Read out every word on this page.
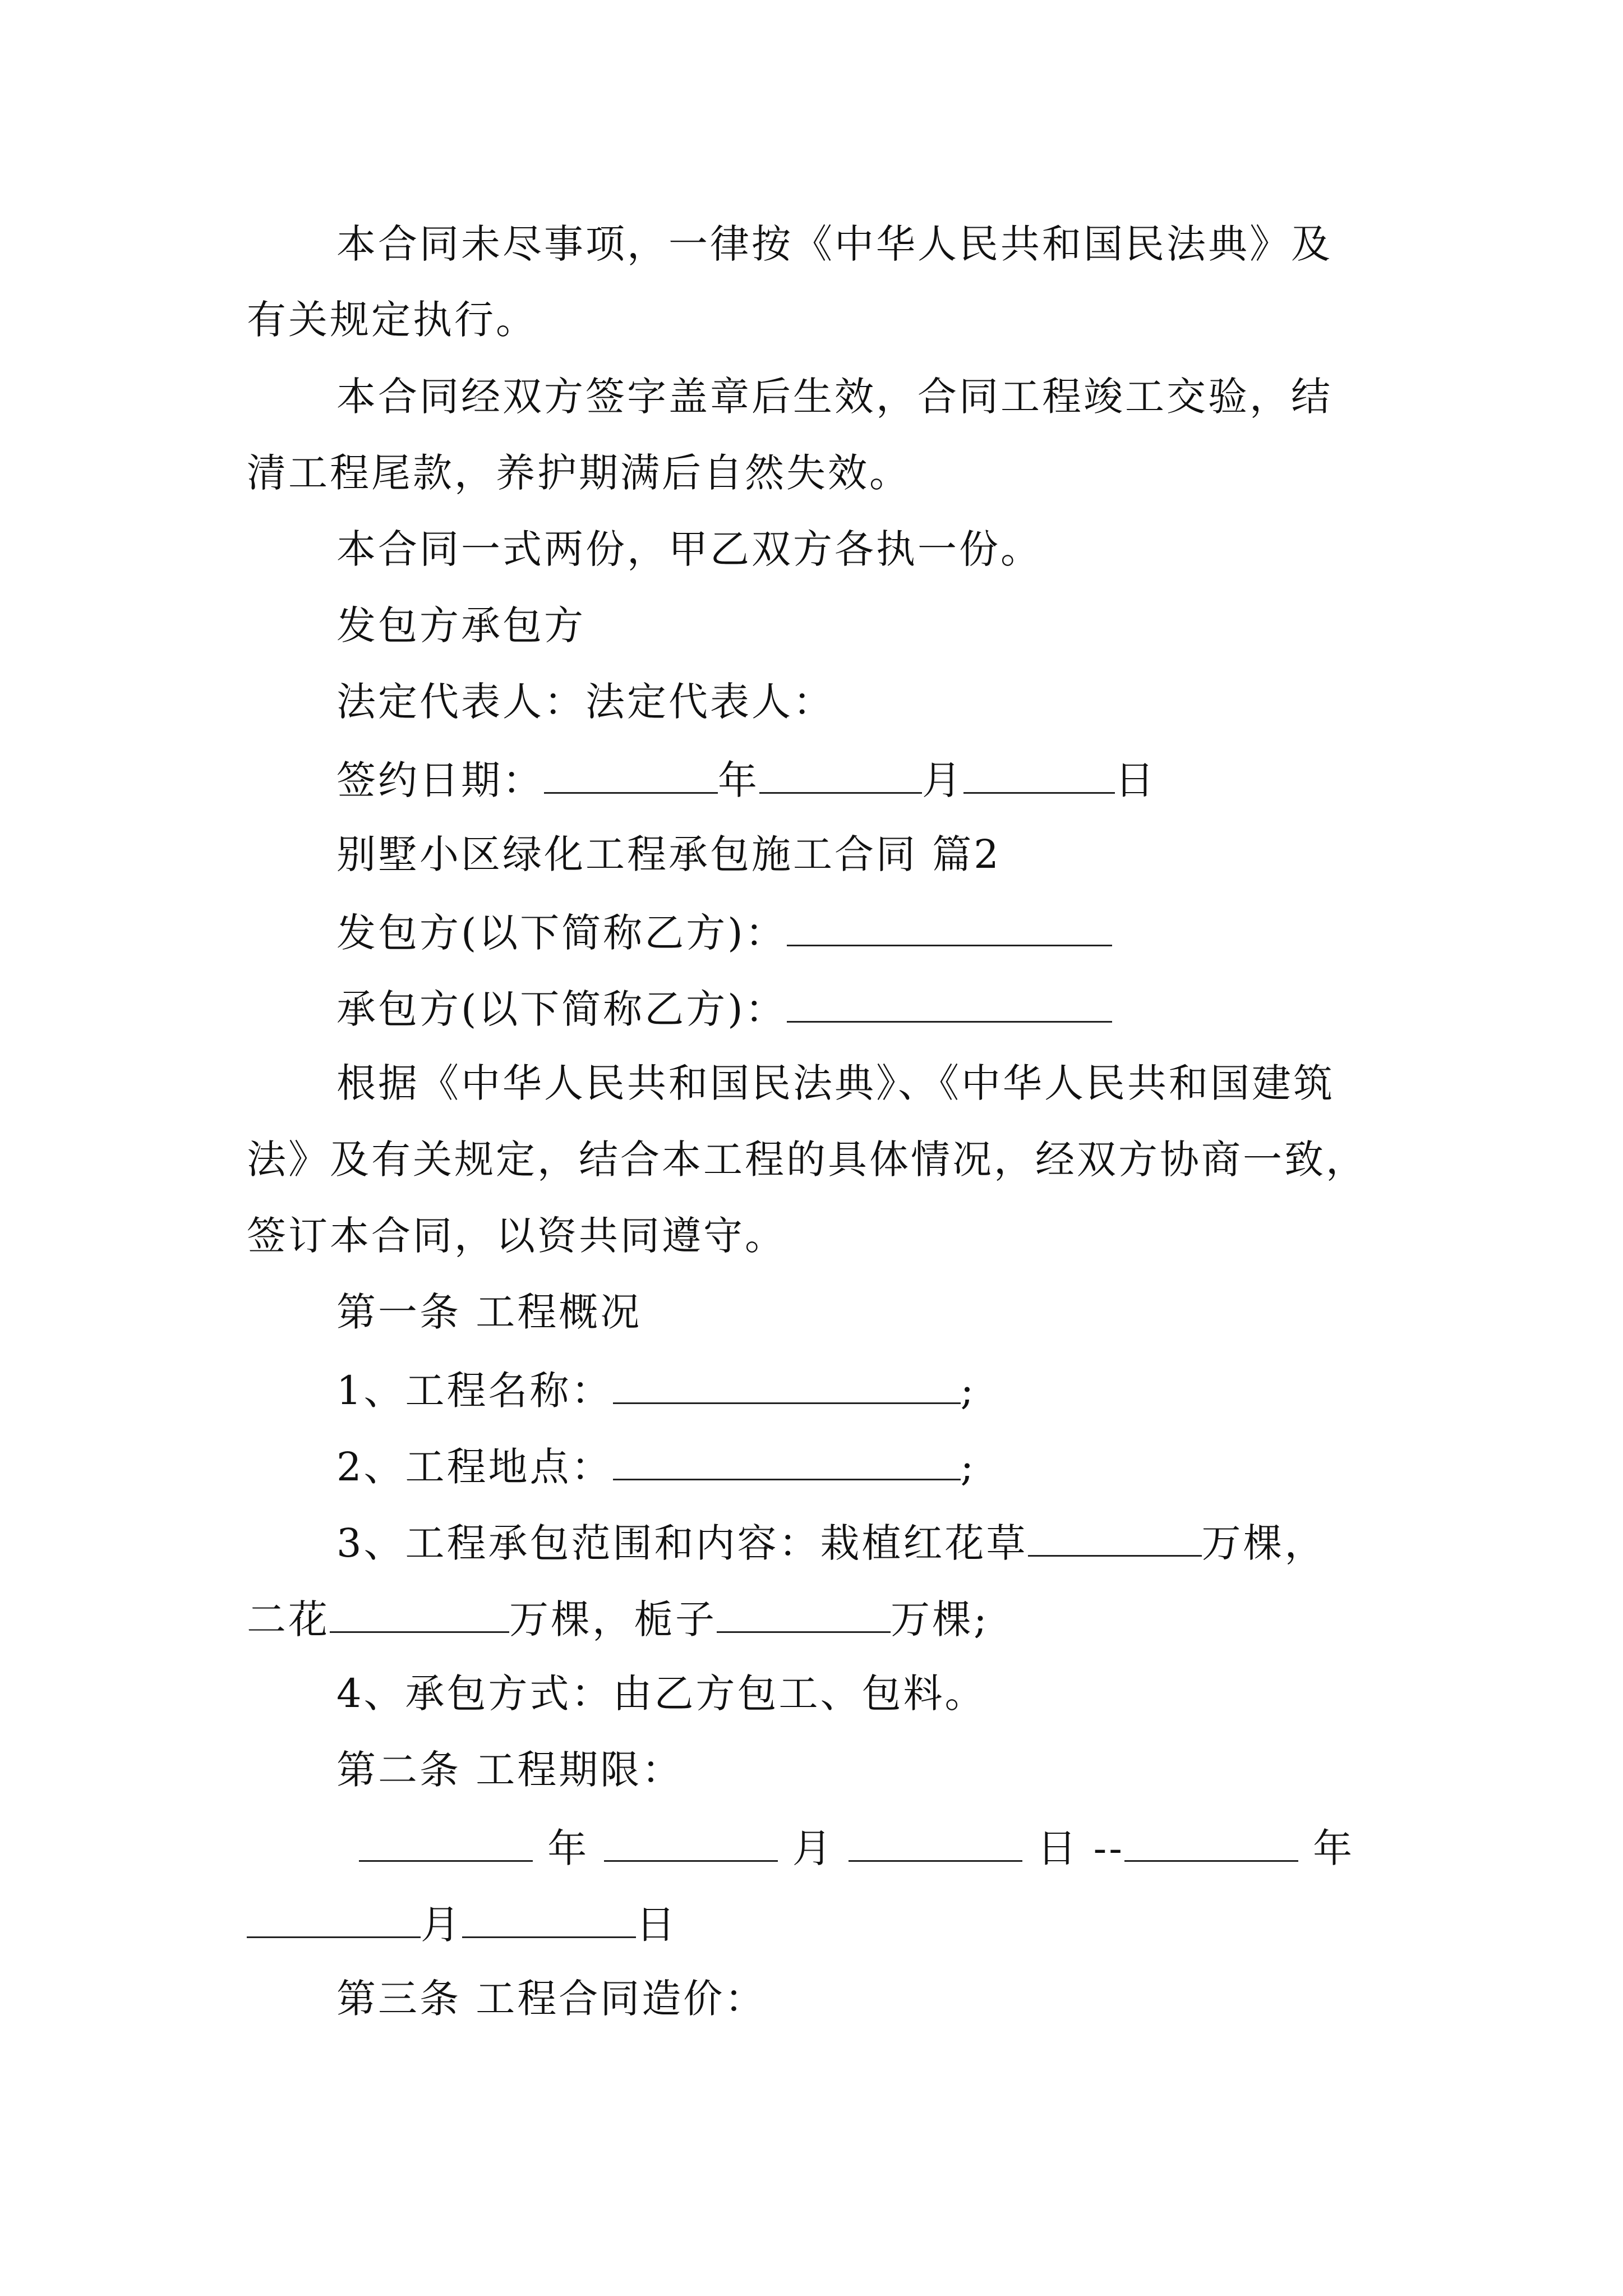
本合同未尽事项，一律按《中华人民共和国民法典》及
有关规定执行。
本合同经双方签字盖章后生效，合同工程竣工交验，结
清工程尾款，养护期满后自然失效。
本合同一式两份，甲乙双方各执一份。
发包方承包方
法定代表人：法定代表人：
签约日期：	年	月	日
别墅小区绿化工程承包施工合同 篇2
发包方(以下简称乙方)：
承包方(以下简称乙方)：
根据《中华人民共和国民法典》、《中华人民共和国建筑
法》及有关规定，结合本工程的具体情况，经双方协商一致，
签订本合同，以资共同遵守。
第一条 工程概况
1、工程名称：	;
2、工程地点：	;
3、工程承包范围和内容：栽植红花草	万棵，
二花	万棵，栀子	万棵;
4、承包方式：由乙方包工、包料。
第二条 工程期限：
年	月	日 --	年
月	日
第三条 工程合同造价：
